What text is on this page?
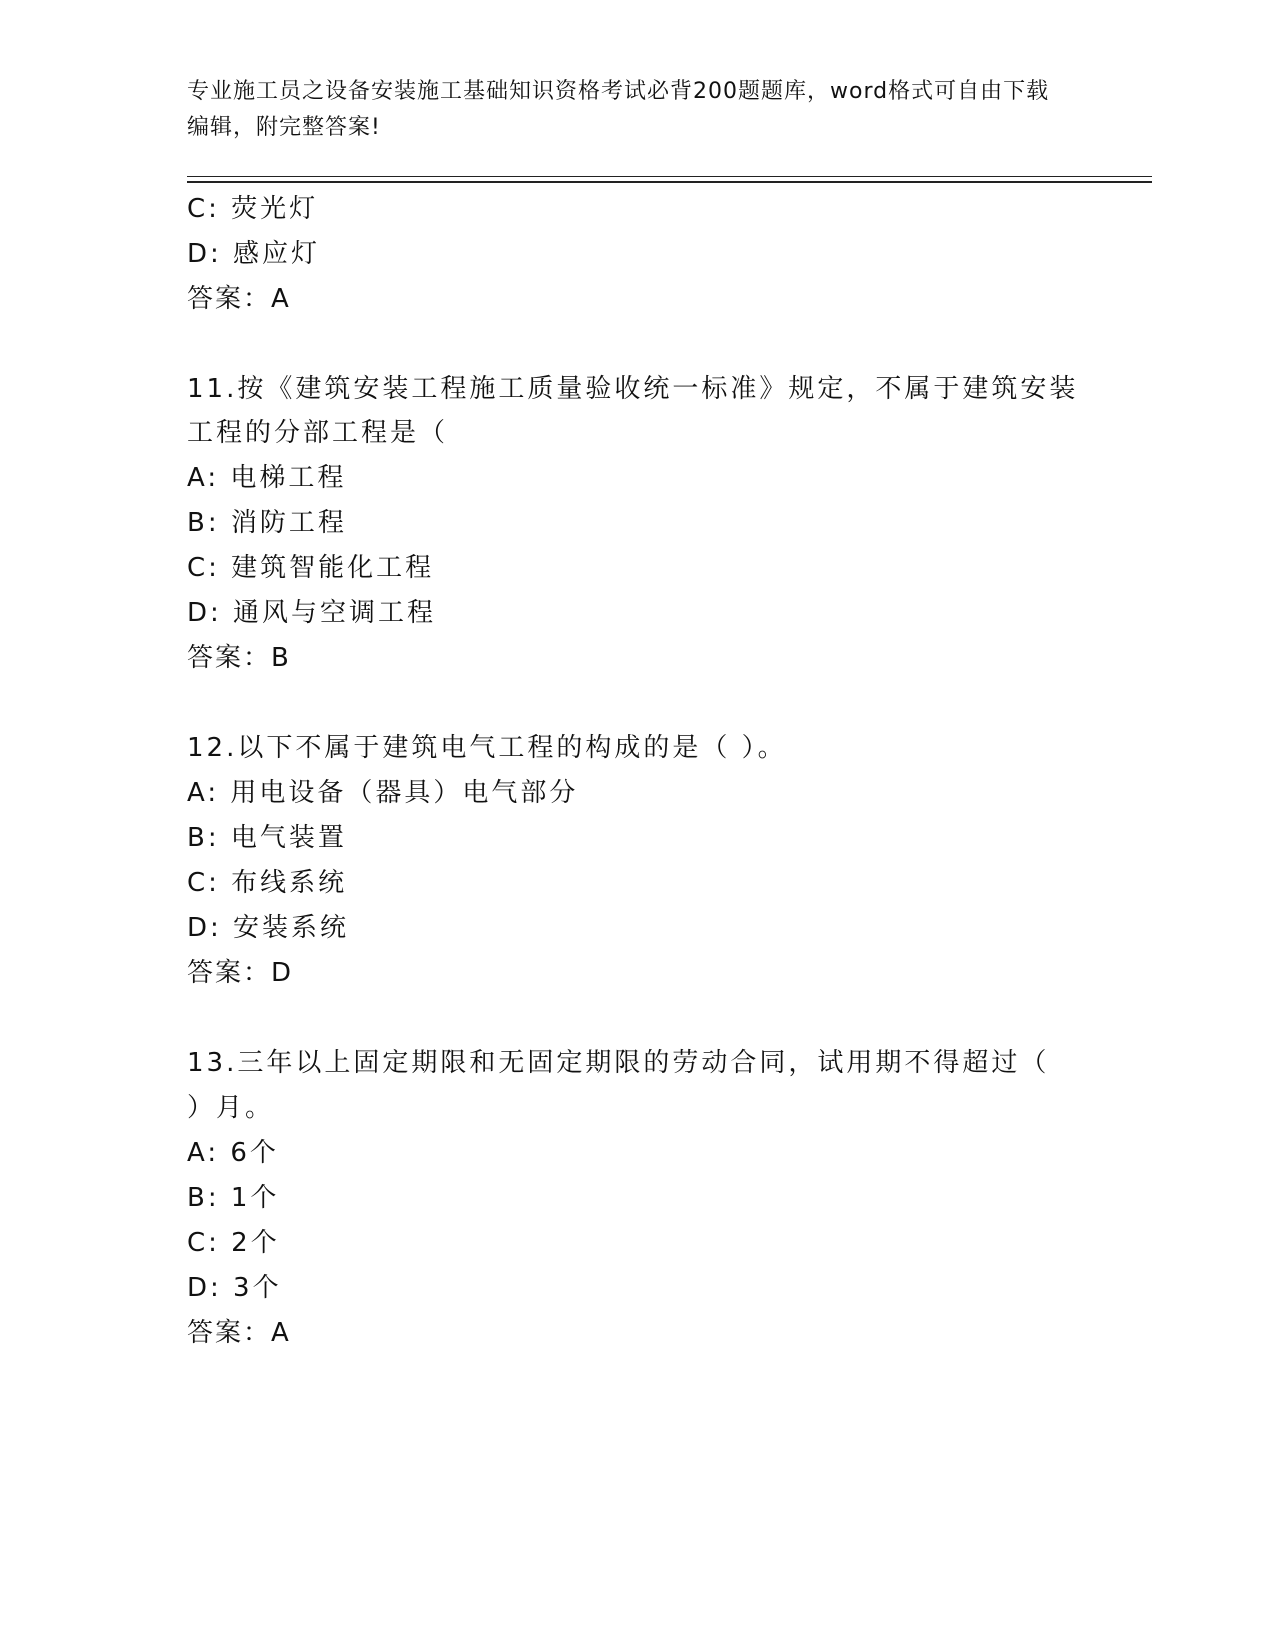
专业施工员之设备安装施工基础知识资格考试必背200题题库，word格式可自由下载编辑，附完整答案!
C: 荧光灯
D: 感应灯
答案：A
11.按《建筑安装工程施工质量验收统一标准》规定，不属于建筑安装
工程的分部工程是（
A: 电梯工程
B: 消防工程
C: 建筑智能化工程
D: 通风与空调工程
答案：B
12.以下不属于建筑电气工程的构成的是（ ）。
A: 用电设备（器具）电气部分
B: 电气装置
C: 布线系统
D: 安装系统
答案：D
13.三年以上固定期限和无固定期限的劳动合同，试用期不得超过（
）月。
A: 6个
B: 1个
C: 2个
D: 3个
答案：A
